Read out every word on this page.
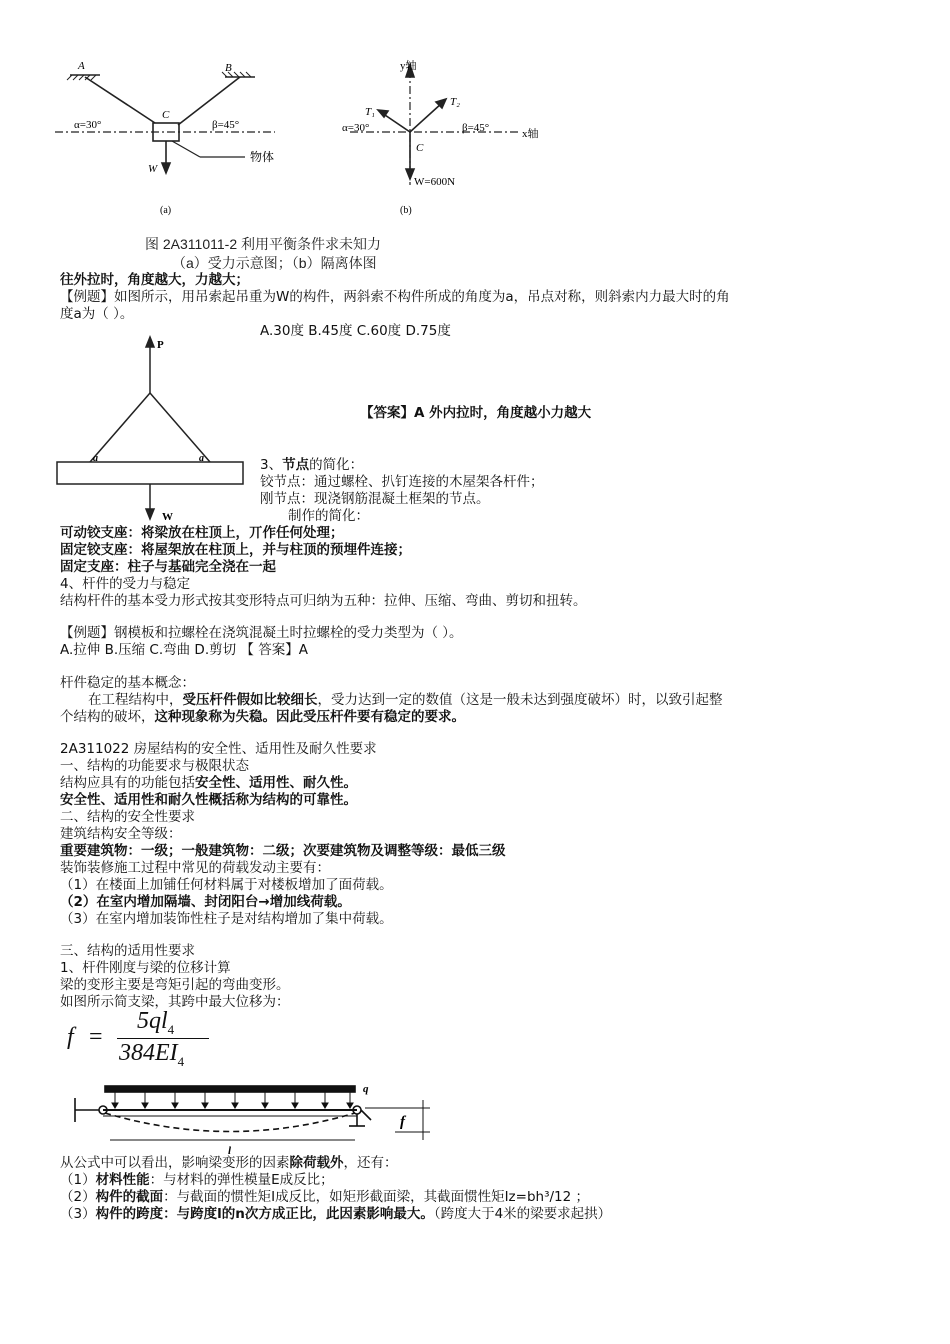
A	B
C
α=30°	β=45°
W
物体
(a)
y轴
x轴
T₁
T₂
α=30°	β=45°
C
W=600N
(b)
图 2A311011-2 利用平衡条件求未知力
（a）受力示意图；（b）隔离体图
往外拉时，角度越大，力越大；
【例题】如图所示，用吊索起吊重为W的构件，两斜索不构件所成的角度为a，吊点对称，则斜索内力最大时的角
度a为（ ）。
A.30度 B.45度 C.60度 D.75度
P
W
a	a
【答案】A 外内拉时，角度越小力越大
3、节点的简化：
铰节点：通过螺栓、扒钉连接的木屋架各杆件；
刚节点：现浇钢筋混凝土框架的节点。
制作的简化：
可动铰支座：将梁放在柱顶上，丌作任何处理；
固定铰支座：将屋架放在柱顶上，并与柱顶的预埋件连接；
固定支座：柱子与基础完全浇在一起
4、杆件的受力与稳定
结构杆件的基本受力形式按其变形特点可归纳为五种：拉伸、压缩、弯曲、剪切和扭转。
【例题】钢模板和拉螺栓在浇筑混凝土时拉螺栓的受力类型为（ ）。
A.拉伸 B.压缩 C.弯曲 D.剪切 【 答案】A
杆件稳定的基本概念：
在工程结构中，受压杆件假如比较细长，受力达到一定的数值（这是一般未达到强度破坏）时，以致引起整
个结构的破坏，这种现象称为失稳。因此受压杆件要有稳定的要求。
2A311022 房屋结构的安全性、适用性及耐久性要求
一、结构的功能要求与极限状态
结构应具有的功能包括安全性、适用性、耐久性。
安全性、适用性和耐久性概括称为结构的可靠性。
二、结构的安全性要求
建筑结构安全等级：
重要建筑物：一级；一般建筑物：二级；次要建筑物及调整等级：最低三级
装饰装修施工过程中常见的荷载发动主要有：
（1）在楼面上加铺任何材料属于对楼板增加了面荷载。
（2）在室内增加隔墙、封闭阳台→增加线荷载。
（3）在室内增加装饰性柱子是对结构增加了集中荷载。
三、结构的适用性要求
1、杆件刚度与梁的位移计算
梁的变形主要是弯矩引起的弯曲变形。
如图所示简支梁，其跨中最大位移为：
f =
$5ql_4$
$384EI_4$
q
f
l
从公式中可以看出，影响梁变形的因素除荷载外，还有：
（1）材料性能：与材料的弹性模量E成反比；
（2）构件的截面：与截面的惯性矩I成反比，如矩形截面梁，其截面惯性矩Iz=bh³/12 ；
（3）构件的跨度：与跨度l的n次方成正比，此因素影响最大。（跨度大于4米的梁要求起拱）
